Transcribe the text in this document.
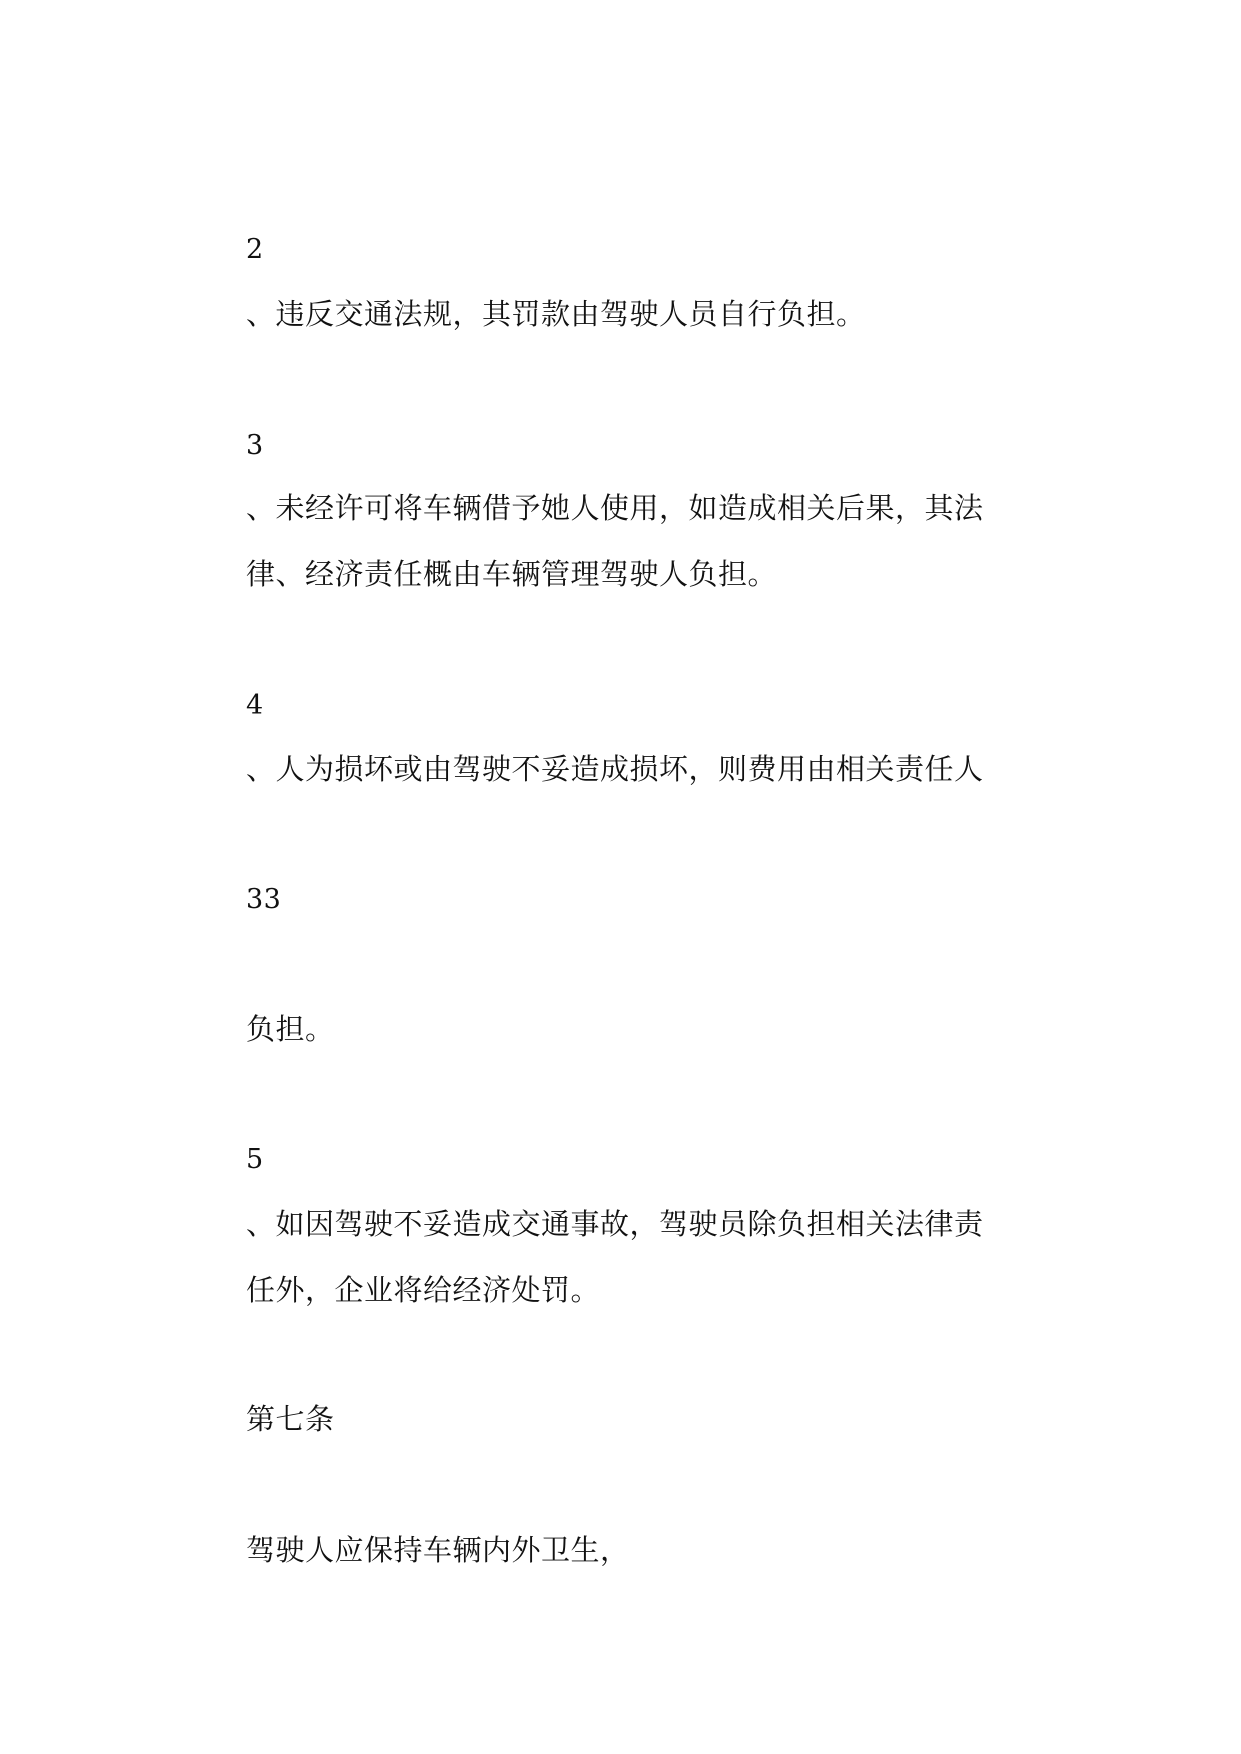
2
、违反交通法规，其罚款由驾驶人员自行负担。
3
、未经许可将车辆借予她人使用，如造成相关后果，其法
律、经济责任概由车辆管理驾驶人负担。
4
、人为损坏或由驾驶不妥造成损坏，则费用由相关责任人
33
负担。
5
、如因驾驶不妥造成交通事故，驾驶员除负担相关法律责
任外，企业将给经济处罚。
第七条
驾驶人应保持车辆内外卫生，
